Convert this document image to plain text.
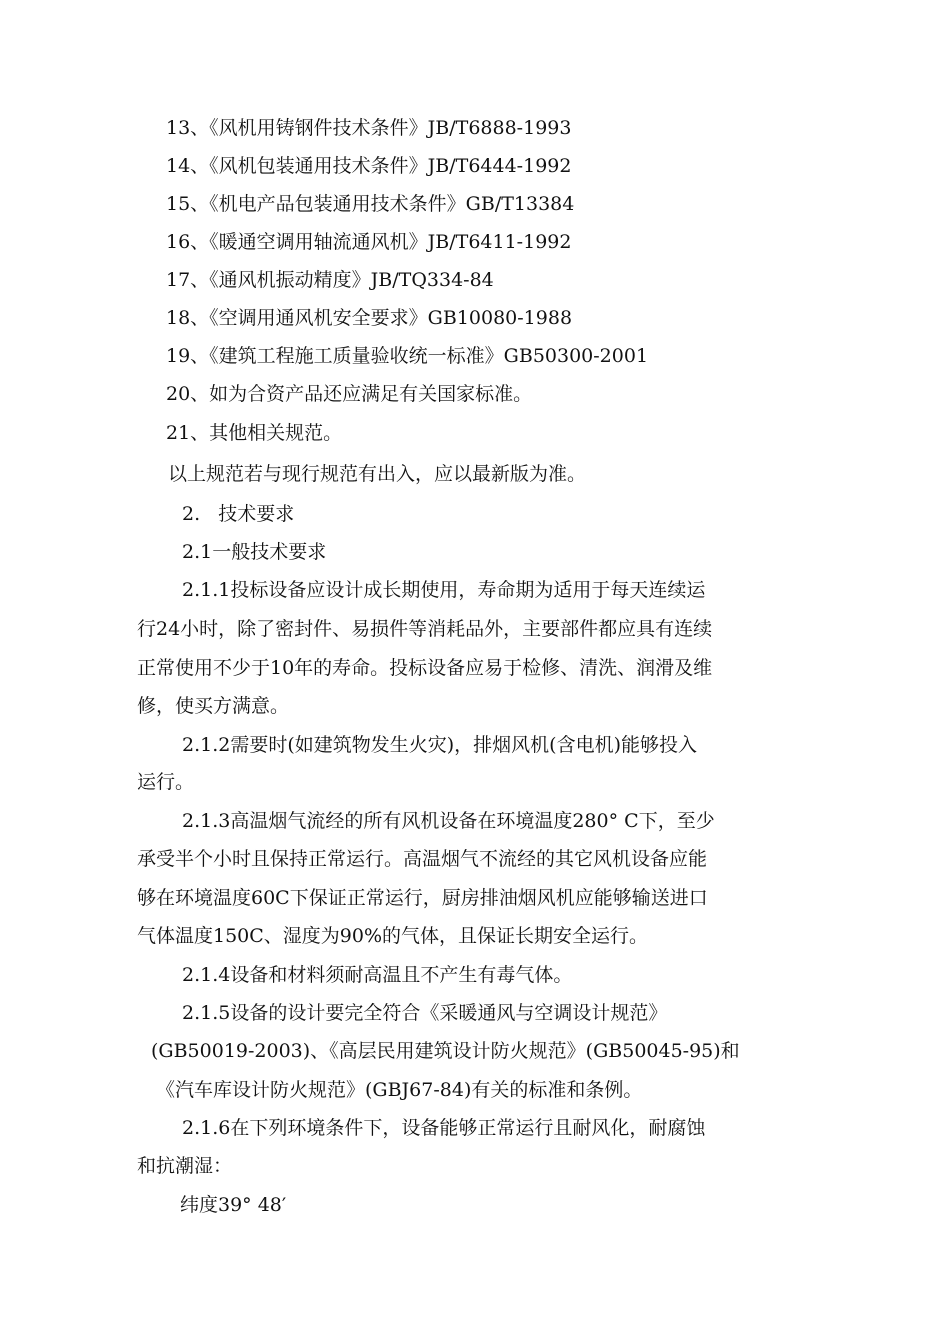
13、《风机用铸钢件技术条件》JB/T6888-1993
14、《风机包装通用技术条件》JB/T6444-1992
15、《机电产品包装通用技术条件》GB/T13384
16、《暖通空调用轴流通风机》JB/T6411-1992
17、《通风机振动精度》JB/TQ334-84
18、《空调用通风机安全要求》GB10080-1988
19、《建筑工程施工质量验收统一标准》GB50300-2001
20、如为合资产品还应满足有关国家标准。
21、其他相关规范。
以上规范若与现行规范有出入，应以最新版为准。
2.   技术要求
2.1一般技术要求
2.1.1投标设备应设计成长期使用，寿命期为适用于每天连续运
行24小时，除了密封件、易损件等消耗品外，主要部件都应具有连续
正常使用不少于10年的寿命。投标设备应易于检修、清洗、润滑及维
修，使买方满意。
2.1.2需要时(如建筑物发生火灾)，排烟风机(含电机)能够投入
运行。
2.1.3高温烟气流经的所有风机设备在环境温度280° C下，至少
承受半个小时且保持正常运行。高温烟气不流经的其它风机设备应能
够在环境温度60C下保证正常运行，厨房排油烟风机应能够输送进口
气体温度150C、湿度为90%的气体，且保证长期安全运行。
2.1.4设备和材料须耐高温且不产生有毒气体。
2.1.5设备的设计要完全符合《采暖通风与空调设计规范》
(GB50019-2003)、《高层民用建筑设计防火规范》(GB50045-95)和
《汽车库设计防火规范》(GBJ67-84)有关的标准和条例。
2.1.6在下列环境条件下，设备能够正常运行且耐风化，耐腐蚀
和抗潮湿：
纬度39° 48′
